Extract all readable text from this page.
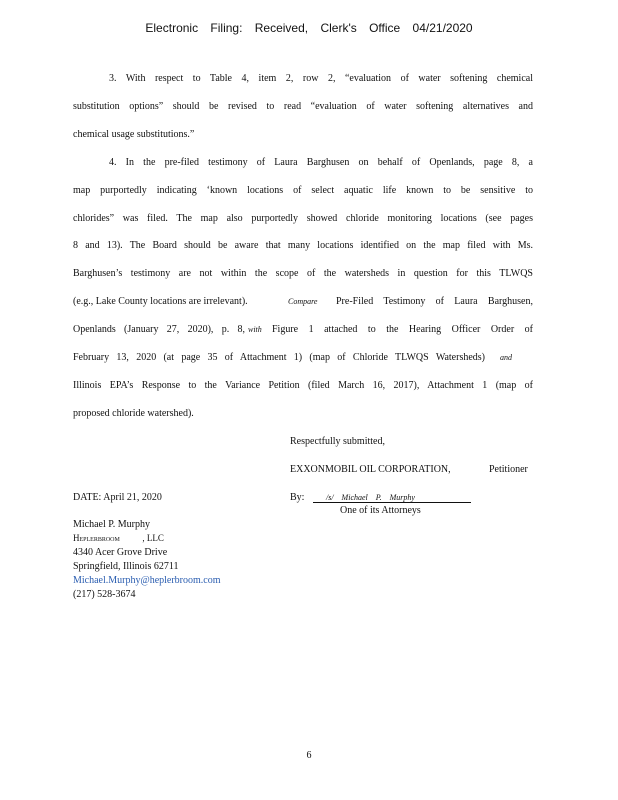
Electronic Filing: Received, Clerk's Office 04/21/2020
3. With respect to Table 4, item 2, row 2, “evaluation of water softening chemical
substitution options” should be revised to read “evaluation of water softening alternatives and
chemical usage substitutions.”
4. In the pre-filed testimony of Laura Barghusen on behalf of Openlands, page 8, a
map purportedly indicating ‘known locations of select aquatic life known to be sensitive to
chlorides” was filed. The map also purportedly showed chloride monitoring locations (see pages
8 and 13). The Board should be aware that many locations identified on the map filed with Ms.
Barghusen’s testimony are not within the scope of the watersheds in question for this TLWQS
(e.g., Lake County locations are irrelevant).	Compare Pre-Filed Testimony of Laura Barghusen,
Openlands (January 27, 2020), p. 8, with Figure 1 attached to the Hearing Officer Order of
February 13, 2020 (at page 35 of Attachment 1) (map of Chloride TLWQS Watersheds) and
Illinois EPA’s Response to the Variance Petition (filed March 16, 2017), Attachment 1 (map of
proposed chloride watershed).
Respectfully submitted,
EXXONMOBIL OIL CORPORATION,	Petitioner
DATE: April 21, 2020	By:	/s/ Michael P. Murphy
One of its Attorneys
Michael P. Murphy
Heplerbroom	, LLC
4340 Acer Grove Drive
Springfield, Illinois 62711
Michael.Murphy@heplerbroom.com
(217) 528-3674
6
